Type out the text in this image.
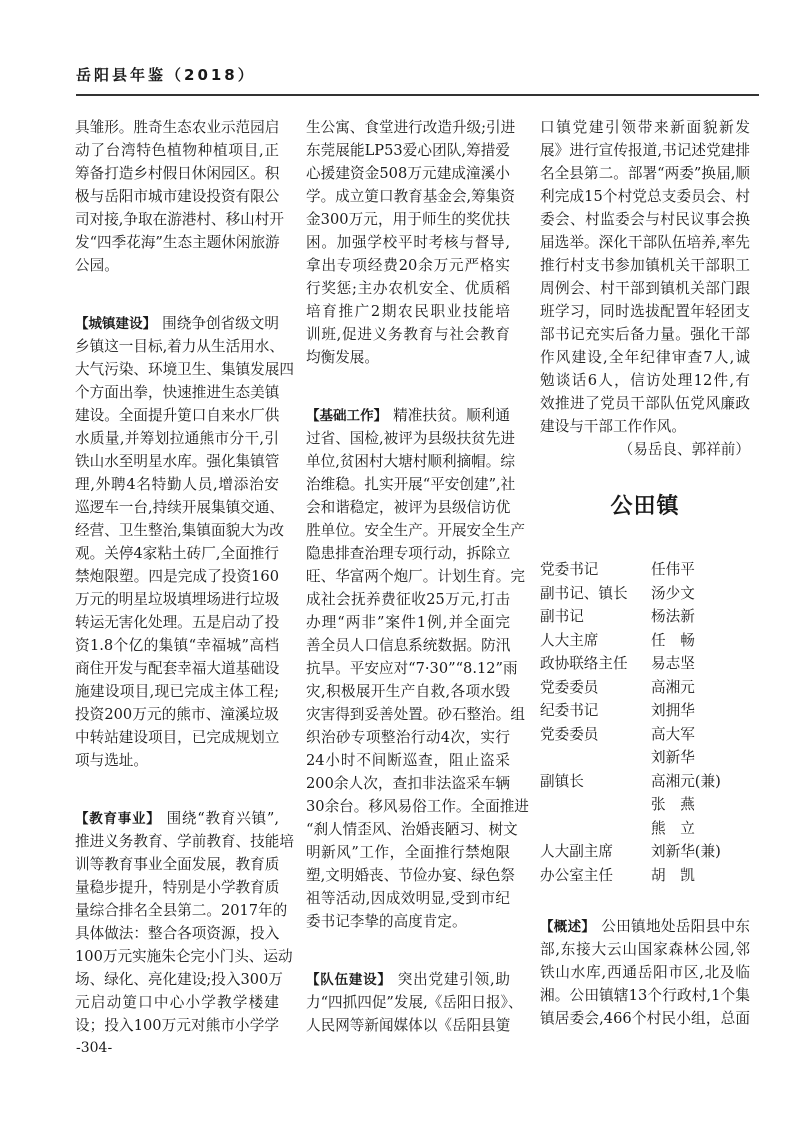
岳阳县年鉴（2018）
具雏形。胜奇生态农业示范园启
动了台湾特色植物种植项目,正
筹备打造乡村假日休闲园区。积
极与岳阳市城市建设投资有限公
司对接,争取在游港村、移山村开
发“四季花海”生态主题休闲旅游
公园。
【城镇建设】 围绕争创省级文明
乡镇这一目标,着力从生活用水、
大气污染、环境卫生、集镇发展四
个方面出拳，快速推进生态美镇
建设。全面提升筻口自来水厂供
水质量,并筹划拉通熊市分干,引
铁山水至明星水库。强化集镇管
理,外聘4名特勤人员,增添治安
巡逻车一台,持续开展集镇交通、
经营、卫生整治,集镇面貌大为改
观。关停4家粘土砖厂,全面推行
禁炮限塑。四是完成了投资160
万元的明星垃圾填埋场进行垃圾
转运无害化处理。五是启动了投
资1.8个亿的集镇“幸福城”高档
商住开发与配套幸福大道基础设
施建设项目,现已完成主体工程;
投资200万元的熊市、潼溪垃圾
中转站建设项目，已完成规划立
项与选址。
【教育事业】 围绕“教育兴镇”,
推进义务教育、学前教育、技能培
训等教育事业全面发展，教育质
量稳步提升，特别是小学教育质
量综合排名全县第二。2017年的
具体做法：整合各项资源，投入
100万元实施朱仑完小门头、运动
场、绿化、亮化建设;投入300万
元启动筻口中心小学教学楼建
设；投入100万元对熊市小学学
生公寓、食堂进行改造升级;引进
东莞展能LP53爱心团队,筹措爱
心援建资金508万元建成潼溪小
学。成立筻口教育基金会,筹集资
金300万元，用于师生的奖优扶
困。加强学校平时考核与督导,
拿出专项经费20余万元严格实
行奖惩;主办农机安全、优质稻
培育推广2期农民职业技能培
训班,促进义务教育与社会教育
均衡发展。
【基础工作】 精准扶贫。顺利通
过省、国检,被评为县级扶贫先进
单位,贫困村大塘村顺利摘帽。综
治维稳。扎实开展“平安创建”,社
会和谐稳定，被评为县级信访优
胜单位。安全生产。开展安全生产
隐患排查治理专项行动，拆除立
旺、华富两个炮厂。计划生育。完
成社会抚养费征收25万元,打击
办理“两非”案件1例,并全面完
善全员人口信息系统数据。防汛
抗旱。平安应对“7·30”“8.12”雨
灾,积极展开生产自救,各项水毁
灾害得到妥善处置。砂石整治。组
织治砂专项整治行动4次，实行
24小时不间断巡查，阻止盗采
200余人次，查扣非法盗采车辆
30余台。移风易俗工作。全面推进
“刹人情歪风、治婚丧陋习、树文
明新风”工作，全面推行禁炮限
塑,文明婚丧、节俭办宴、绿色祭
祖等活动,因成效明显,受到市纪
委书记李挚的高度肯定。
【队伍建设】 突出党建引领,助
力“四抓四促”发展,《岳阳日报》、
人民网等新闻媒体以《岳阳县筻
口镇党建引领带来新面貌新发
展》进行宣传报道,书记述党建排
名全县第二。部署“两委”换届,顺
利完成15个村党总支委员会、村
委会、村监委会与村民议事会换
届选举。深化干部队伍培养,率先
推行村支书参加镇机关干部职工
周例会、村干部到镇机关部门跟
班学习，同时选拔配置年轻团支
部书记充实后备力量。强化干部
作风建设,全年纪律审查7人,诚
勉谈话6人，信访处理12件,有
效推进了党员干部队伍党风廉政
建设与干部工作作风。
（易岳良、郭祥前）
公田镇
党委书记	任伟平
副书记、镇长	汤少文
副书记	杨法新
人大主席	任　畅
政协联络主任	易志坚
党委委员	高湘元
纪委书记	刘拥华
党委委员	高大军
刘新华
副镇长	高湘元(兼)
张　燕
熊　立
人大副主席	刘新华(兼)
办公室主任	胡　凯
【概述】 公田镇地处岳阳县中东
部,东接大云山国家森林公园,邻
铁山水库,西通岳阳市区,北及临
湘。公田镇辖13个行政村,1个集
镇居委会,466个村民小组，总面
-304-
